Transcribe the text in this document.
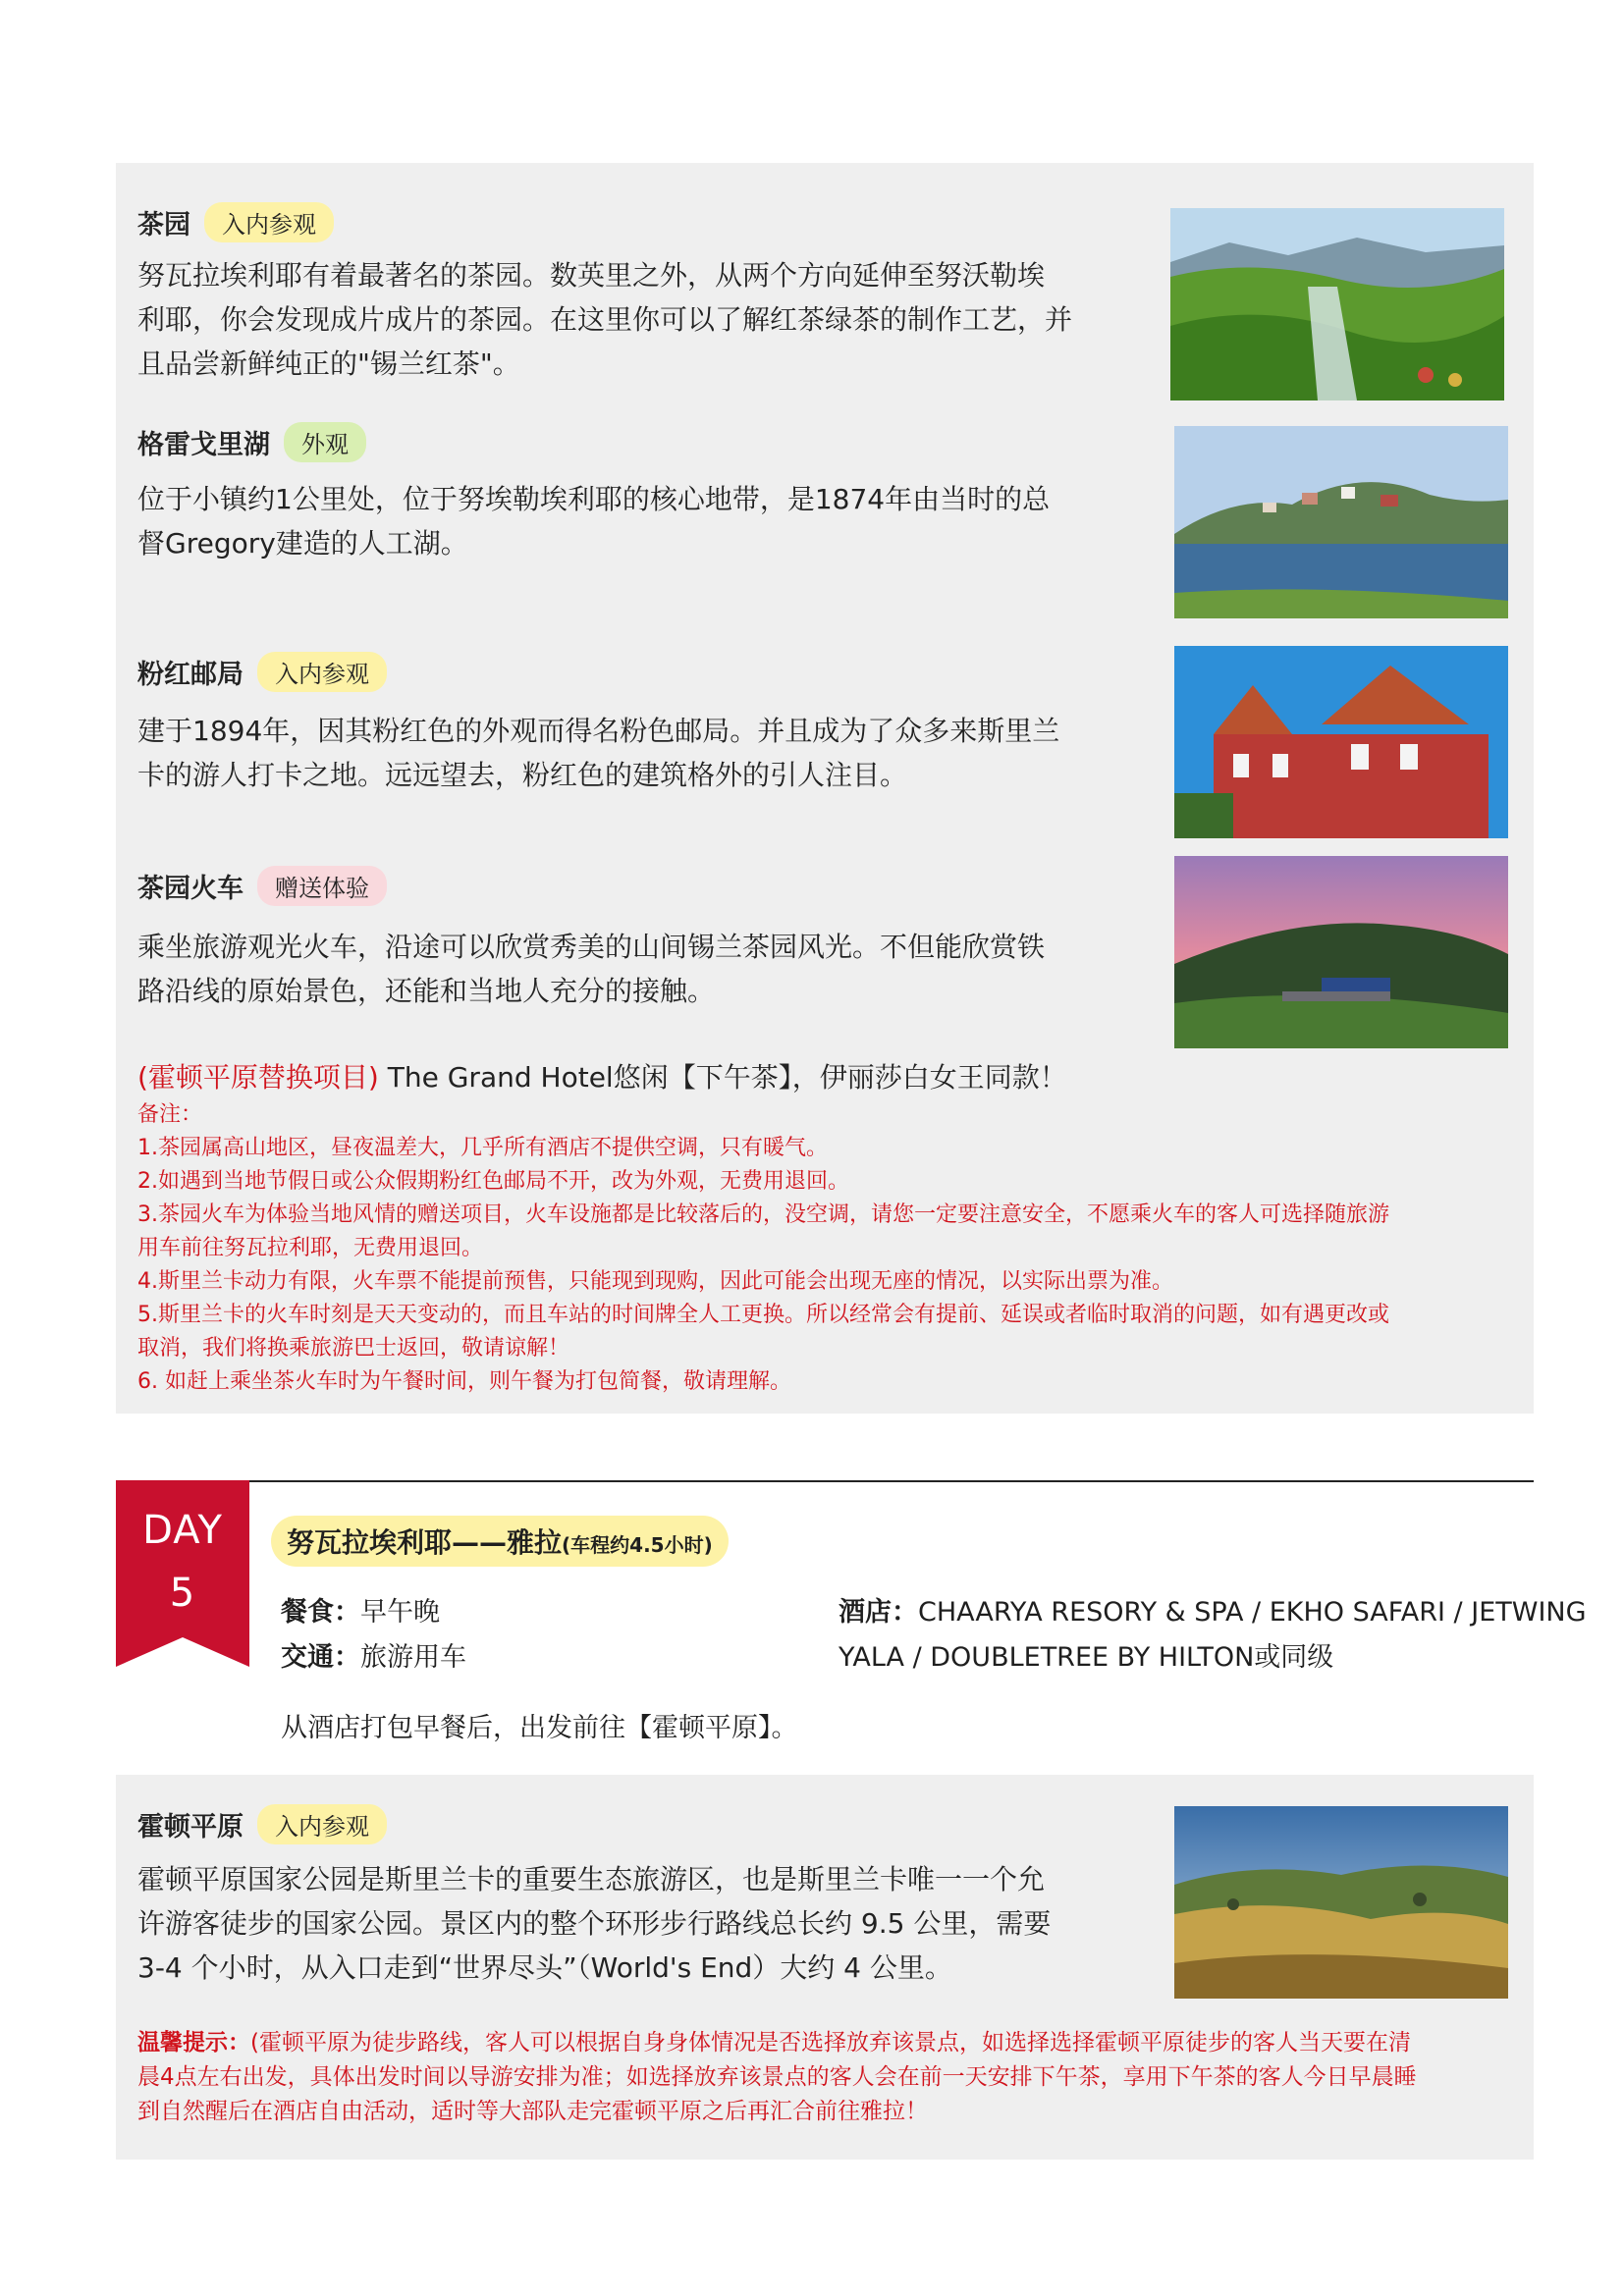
茶园	入内参观
努瓦拉埃利耶有着最著名的茶园。数英里之外，从两个方向延伸至努沃勒埃
利耶，你会发现成片成片的茶园。在这里你可以了解红茶绿茶的制作工艺，并
且品尝新鲜纯正的"锡兰红茶"。
格雷戈里湖	外观
位于小镇约1公里处，位于努埃勒埃利耶的核心地带，是1874年由当时的总
督Gregory建造的人工湖。
粉红邮局	入内参观
建于1894年，因其粉红色的外观而得名粉色邮局。并且成为了众多来斯里兰
卡的游人打卡之地。远远望去，粉红色的建筑格外的引人注目。
茶园火车	赠送体验
乘坐旅游观光火车，沿途可以欣赏秀美的山间锡兰茶园风光。不但能欣赏铁
路沿线的原始景色，还能和当地人充分的接触。
(霍顿平原替换项目) The Grand Hotel悠闲【下午茶】，伊丽莎白女王同款！
备注：
1.茶园属高山地区，昼夜温差大，几乎所有酒店不提供空调，只有暖气。
2.如遇到当地节假日或公众假期粉红色邮局不开，改为外观，无费用退回。
3.茶园火车为体验当地风情的赠送项目，火车设施都是比较落后的，没空调，请您一定要注意安全，不愿乘火车的客人可选择随旅游
用车前往努瓦拉利耶，无费用退回。
4.斯里兰卡动力有限，火车票不能提前预售，只能现到现购，因此可能会出现无座的情况，以实际出票为准。
5.斯里兰卡的火车时刻是天天变动的，而且车站的时间牌全人工更换。所以经常会有提前、延误或者临时取消的问题，如有遇更改或
取消，我们将换乘旅游巴士返回，敬请谅解！
6. 如赶上乘坐茶火车时为午餐时间，则午餐为打包简餐，敬请理解。
DAY
5
努瓦拉埃利耶——雅拉(车程约4.5小时)
餐食：早午晚
交通：旅游用车
酒店：CHAARYA RESORY & SPA / EKHO SAFARI / JETWING
YALA / DOUBLETREE BY HILTON或同级
从酒店打包早餐后，出发前往【霍顿平原】。
霍顿平原	入内参观
霍顿平原国家公园是斯里兰卡的重要生态旅游区，也是斯里兰卡唯一一个允
许游客徒步的国家公园。景区内的整个环形步行路线总长约 9.5 公里，需要
3-4 个小时，从入口走到“世界尽头”（World's End）大约 4 公里。
温馨提示：(霍顿平原为徒步路线，客人可以根据自身身体情况是否选择放弃该景点，如选择选择霍顿平原徒步的客人当天要在清
晨4点左右出发，具体出发时间以导游安排为准；如选择放弃该景点的客人会在前一天安排下午茶，享用下午茶的客人今日早晨睡
到自然醒后在酒店自由活动，适时等大部队走完霍顿平原之后再汇合前往雅拉！
